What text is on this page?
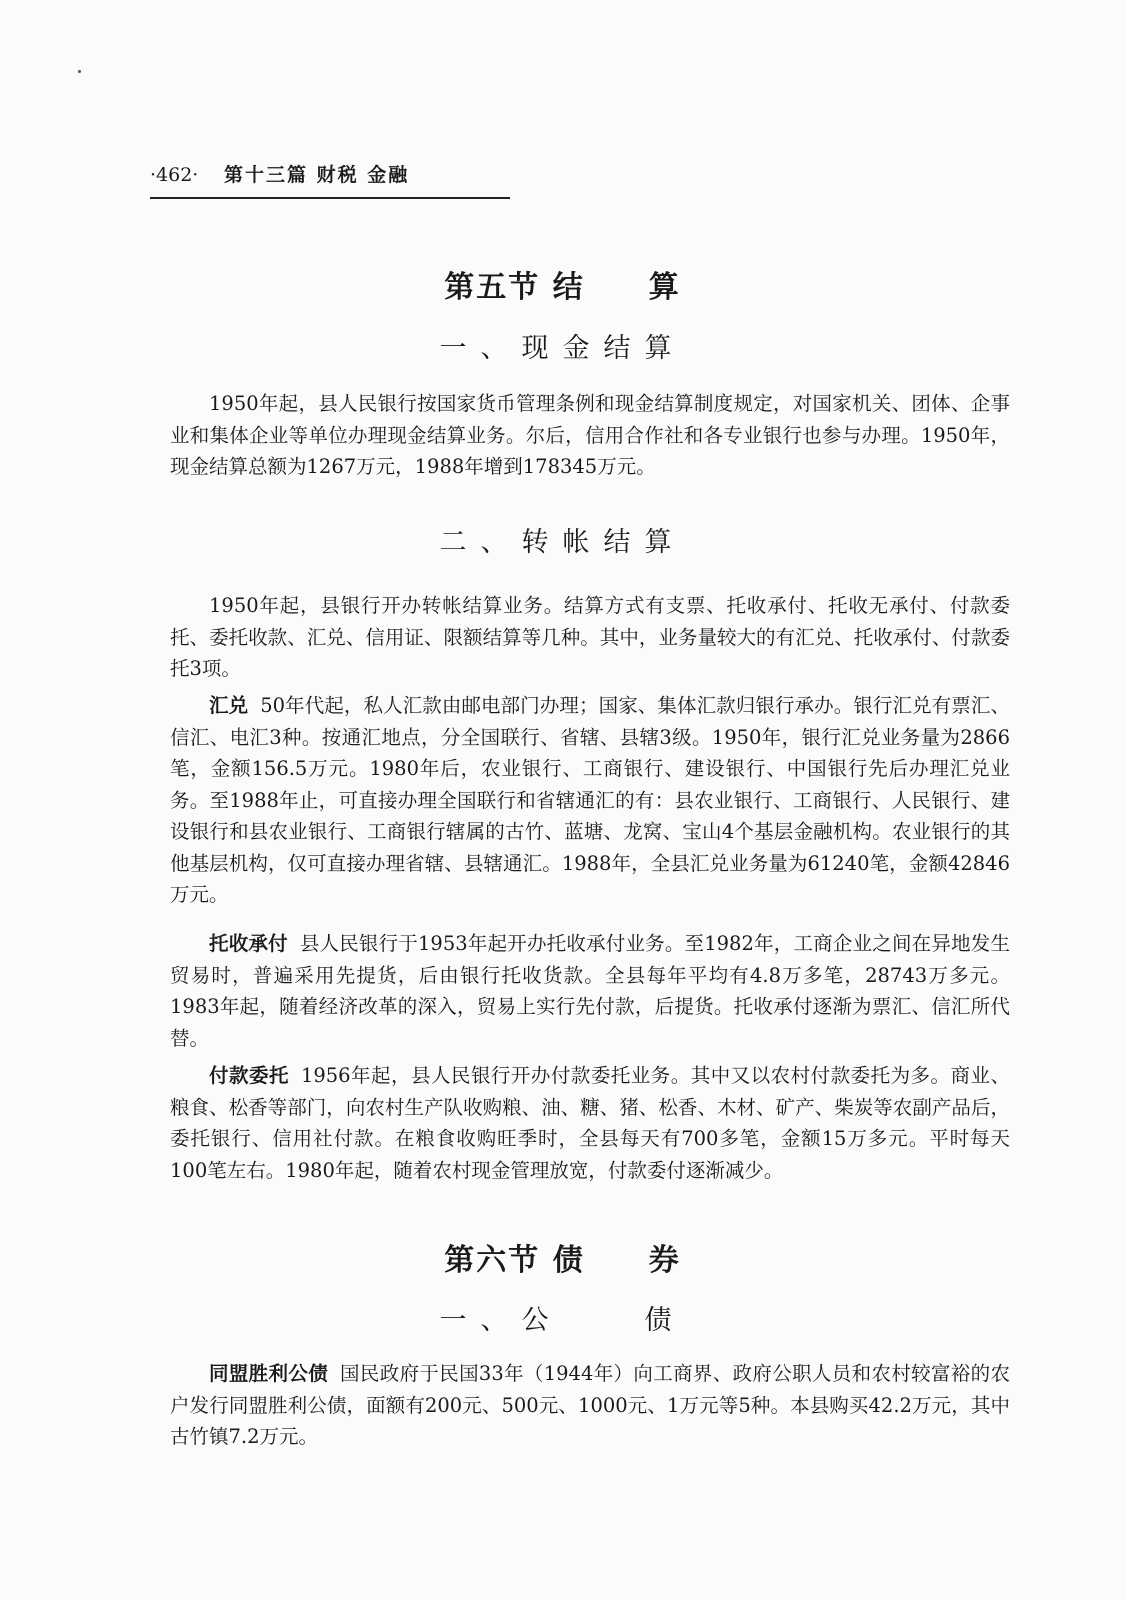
·462· 第十三篇 财税 金融
第五节 结　　算
一、现金结算

1950年起，县人民银行按国家货币管理条例和现金结算制度规定，对国家机关、团体、企事业和集体企业等单位办理现金结算业务。尔后，信用合作社和各专业银行也参与办理。1950年，现金结算总额为1267万元，1988年增到178345万元。

二、转帐结算

1950年起，县银行开办转帐结算业务。结算方式有支票、托收承付、托收无承付、付款委托、委托收款、汇兑、信用证、限额结算等几种。其中，业务量较大的有汇兑、托收承付、付款委托3项。

汇兑 50年代起，私人汇款由邮电部门办理；国家、集体汇款归银行承办。银行汇兑有票汇、信汇、电汇3种。按通汇地点，分全国联行、省辖、县辖3级。1950年，银行汇兑业务量为2866笔，金额156.5万元。1980年后，农业银行、工商银行、建设银行、中国银行先后办理汇兑业务。至1988年止，可直接办理全国联行和省辖通汇的有：县农业银行、工商银行、人民银行、建设银行和县农业银行、工商银行辖属的古竹、蓝塘、龙窝、宝山4个基层金融机构。农业银行的其他基层机构，仅可直接办理省辖、县辖通汇。1988年，全县汇兑业务量为61240笔，金额42846万元。

托收承付 县人民银行于1953年起开办托收承付业务。至1982年，工商企业之间在异地发生贸易时，普遍采用先提货，后由银行托收货款。全县每年平均有4.8万多笔，28743万多元。1983年起，随着经济改革的深入，贸易上实行先付款，后提货。托收承付逐渐为票汇、信汇所代替。

付款委托 1956年起，县人民银行开办付款委托业务。其中又以农村付款委托为多。商业、粮食、松香等部门，向农村生产队收购粮、油、糖、猪、松香、木材、矿产、柴炭等农副产品后，委托银行、信用社付款。在粮食收购旺季时，全县每天有700多笔，金额15万多元。平时每天100笔左右。1980年起，随着农村现金管理放宽，付款委付逐渐减少。

第六节 债　　券
一、公　　债

同盟胜利公债 国民政府于民国33年（1944年）向工商界、政府公职人员和农村较富裕的农户发行同盟胜利公债，面额有200元、500元、1000元、1万元等5种。本县购买42.2万元，其中古竹镇7.2万元。
